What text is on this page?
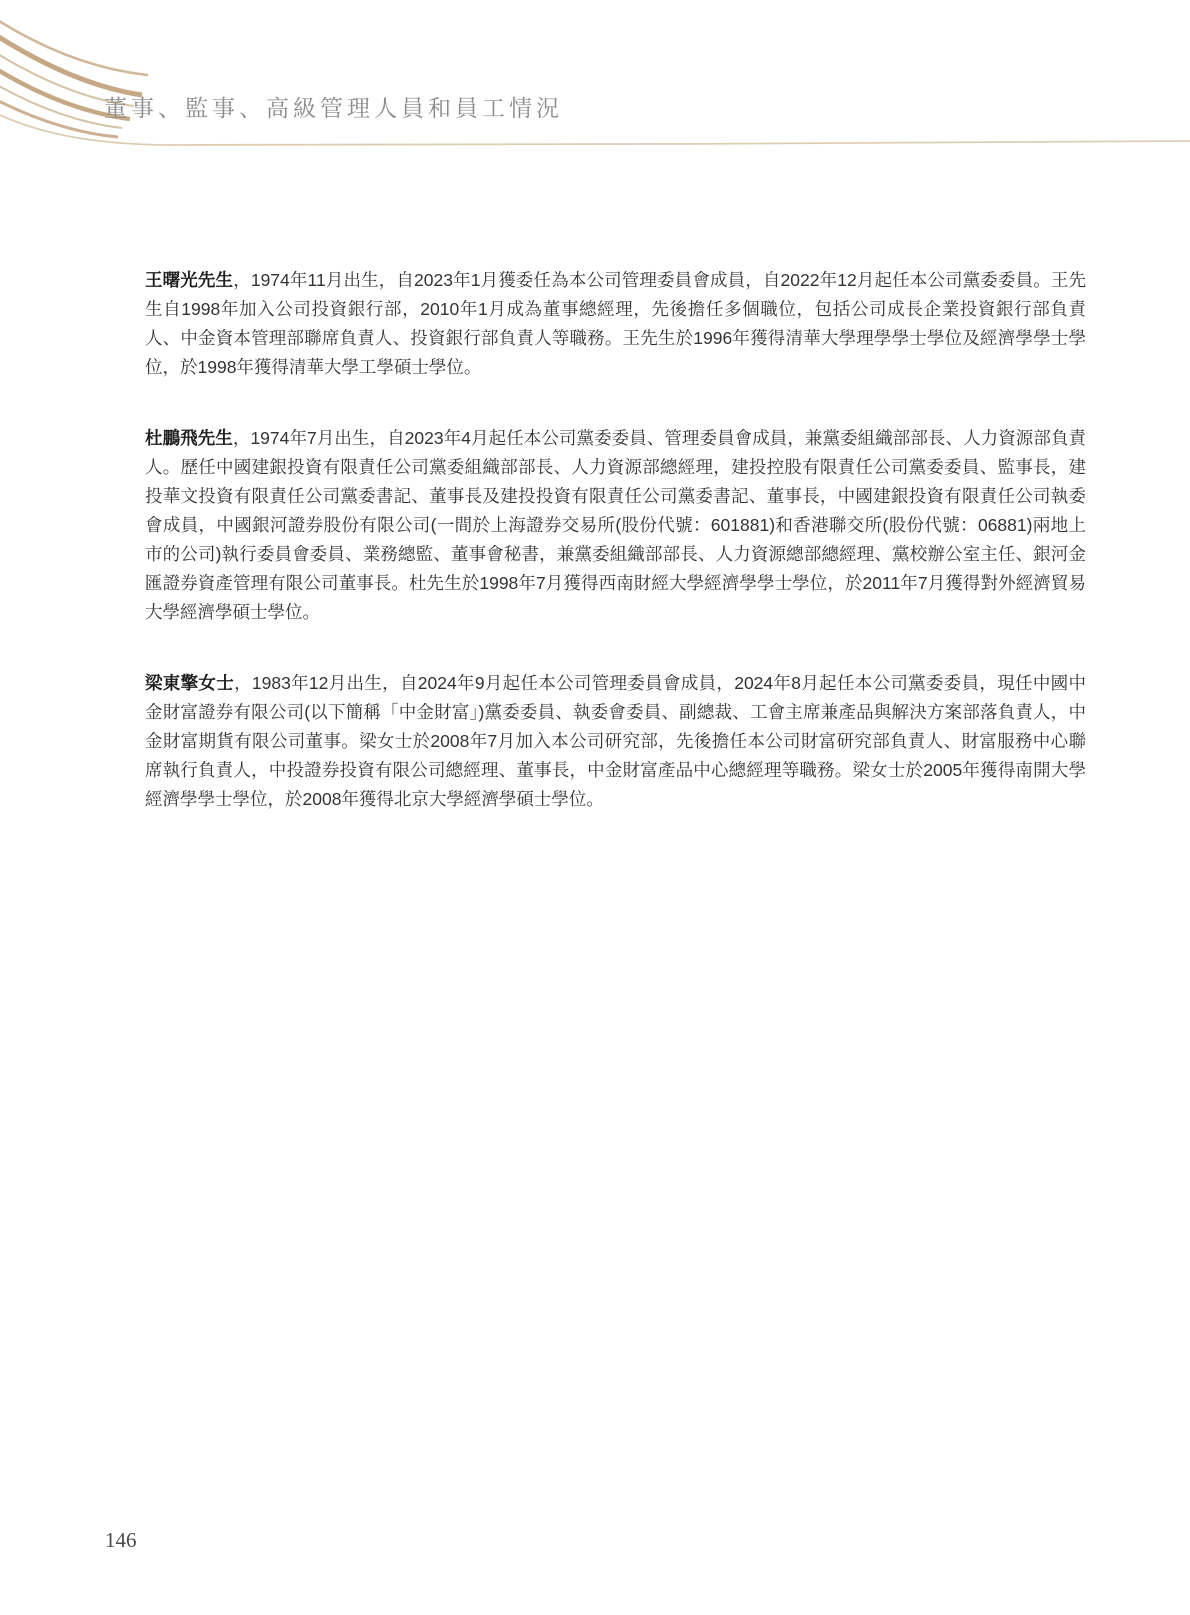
董事、監事、高級管理人員和員工情況

王曙光先生，1974年11月出生，自2023年1月獲委任為本公司管理委員會成員，自2022年12月起任本公司黨委委員。王先生自1998年加入公司投資銀行部，2010年1月成為董事總經理，先後擔任多個職位，包括公司成長企業投資銀行部負責人、中金資本管理部聯席負責人、投資銀行部負責人等職務。王先生於1996年獲得清華大學理學學士學位及經濟學學士學位，於1998年獲得清華大學工學碩士學位。

杜鵬飛先生，1974年7月出生，自2023年4月起任本公司黨委委員、管理委員會成員，兼黨委組織部部長、人力資源部負責人。歷任中國建銀投資有限責任公司黨委組織部部長、人力資源部總經理，建投控股有限責任公司黨委委員、監事長，建投華文投資有限責任公司黨委書記、董事長及建投投資有限責任公司黨委書記、董事長，中國建銀投資有限責任公司執委會成員，中國銀河證券股份有限公司(一間於上海證券交易所(股份代號：601881)和香港聯交所(股份代號：06881)兩地上市的公司)執行委員會委員、業務總監、董事會秘書，兼黨委組織部部長、人力資源總部總經理、黨校辦公室主任、銀河金匯證券資產管理有限公司董事長。杜先生於1998年7月獲得西南財經大學經濟學學士學位，於2011年7月獲得對外經濟貿易大學經濟學碩士學位。

梁東擎女士，1983年12月出生，自2024年9月起任本公司管理委員會成員，2024年8月起任本公司黨委委員，現任中國中金財富證券有限公司(以下簡稱「中金財富」)黨委委員、執委會委員、副總裁、工會主席兼產品與解決方案部落負責人，中金財富期貨有限公司董事。梁女士於2008年7月加入本公司研究部，先後擔任本公司財富研究部負責人、財富服務中心聯席執行負責人，中投證券投資有限公司總經理、董事長，中金財富產品中心總經理等職務。梁女士於2005年獲得南開大學經濟學學士學位，於2008年獲得北京大學經濟學碩士學位。

146
